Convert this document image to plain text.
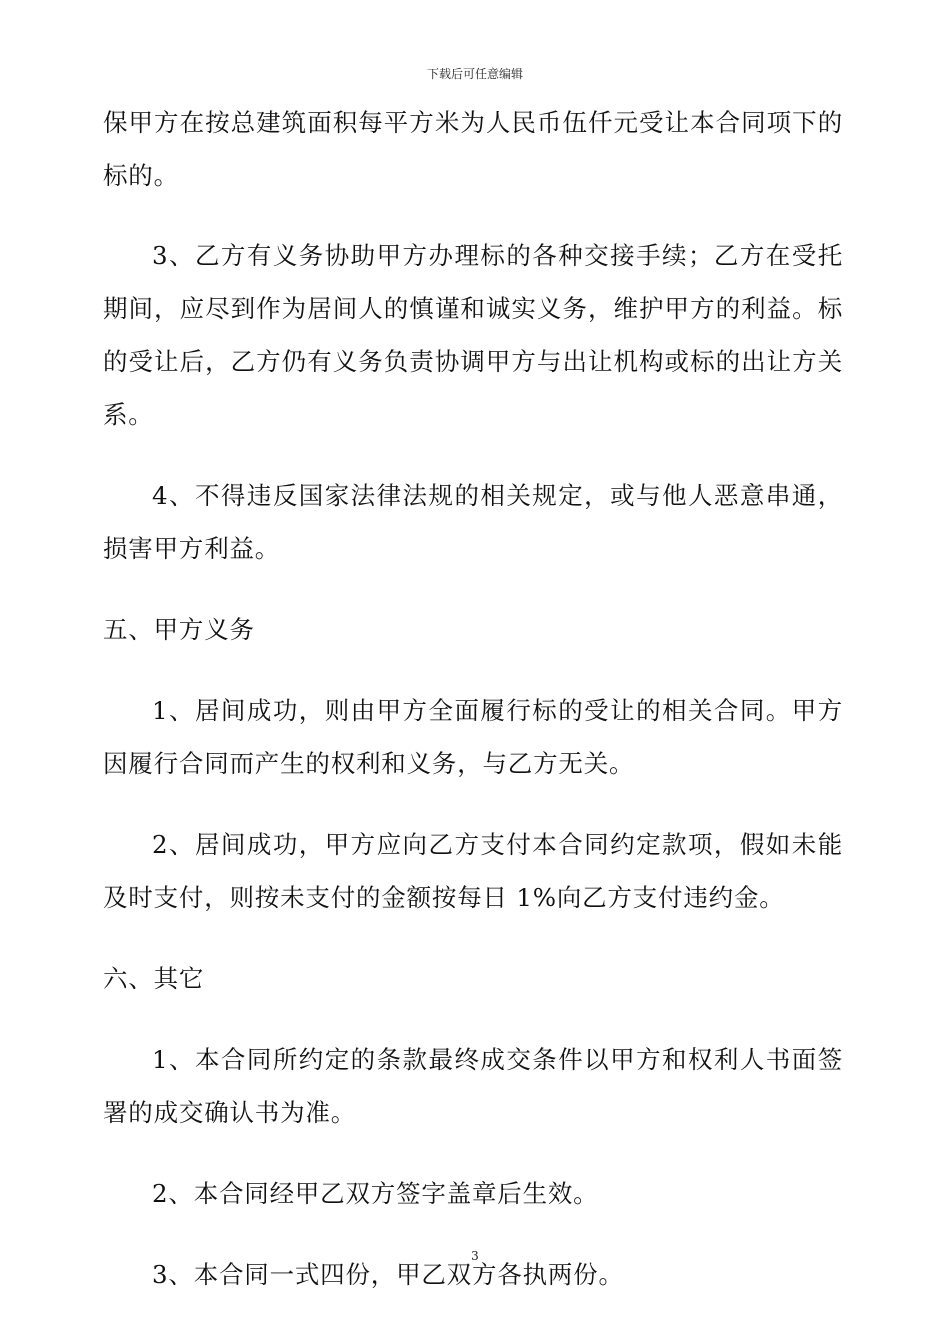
下载后可任意编辑

保甲方在按总建筑面积每平方米为人民币伍仟元受让本合同项下的标的。

3、乙方有义务协助甲方办理标的各种交接手续；乙方在受托期间，应尽到作为居间人的慎谨和诚实义务，维护甲方的利益。标的受让后，乙方仍有义务负责协调甲方与出让机构或标的出让方关系。

4、不得违反国家法律法规的相关规定，或与他人恶意串通，损害甲方利益。

五、甲方义务

1、居间成功，则由甲方全面履行标的受让的相关合同。甲方因履行合同而产生的权利和义务，与乙方无关。

2、居间成功，甲方应向乙方支付本合同约定款项，假如未能及时支付，则按未支付的金额按每日 1%向乙方支付违约金。

六、其它

1、本合同所约定的条款最终成交条件以甲方和权利人书面签署的成交确认书为准。

2、本合同经甲乙双方签字盖章后生效。

3、本合同一式四份，甲乙双方各执两份。

3
